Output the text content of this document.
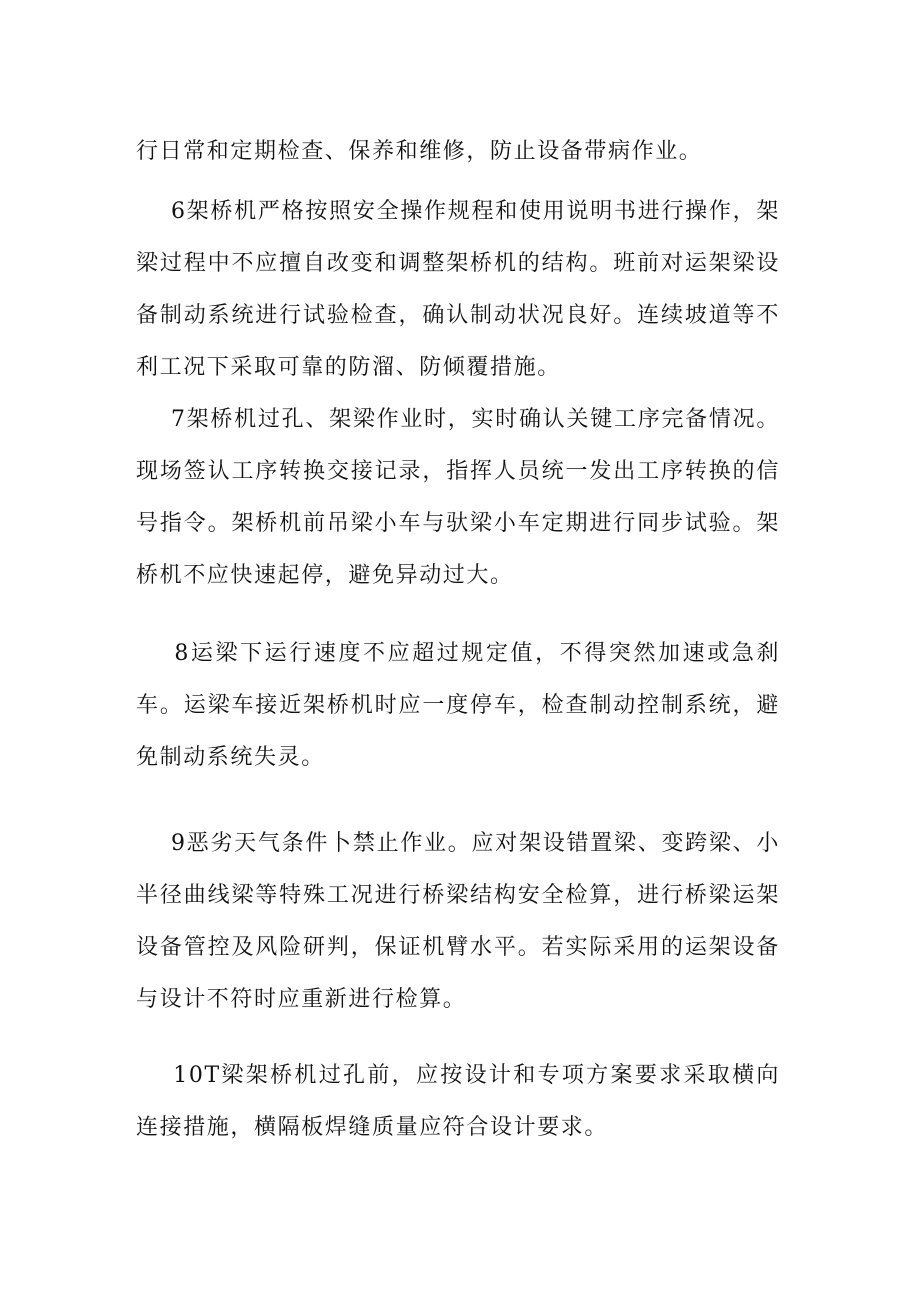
行日常和定期检查、保养和维修，防止设备带病作业。

6架桥机严格按照安全操作规程和使用说明书进行操作，架梁过程中不应擅自改变和调整架桥机的结构。班前对运架梁设备制动系统进行试验检查，确认制动状况良好。连续坡道等不利工况下采取可靠的防溜、防倾覆措施。

7架桥机过孔、架梁作业时，实时确认关键工序完备情况。现场签认工序转换交接记录，指挥人员统一发出工序转换的信号指令。架桥机前吊梁小车与驮梁小车定期进行同步试验。架桥机不应快速起停，避免异动过大。

8运梁下运行速度不应超过规定值，不得突然加速或急刹车。运梁车接近架桥机时应一度停车，检查制动控制系统，避免制动系统失灵。

9恶劣天气条件卜禁止作业。应对架设错置梁、变跨梁、小半径曲线梁等特殊工况进行桥梁结构安全检算，进行桥梁运架设备管控及风险研判，保证机臂水平。若实际采用的运架设备与设计不符时应重新进行检算。

10T梁架桥机过孔前，应按设计和专项方案要求采取横向连接措施，横隔板焊缝质量应符合设计要求。
